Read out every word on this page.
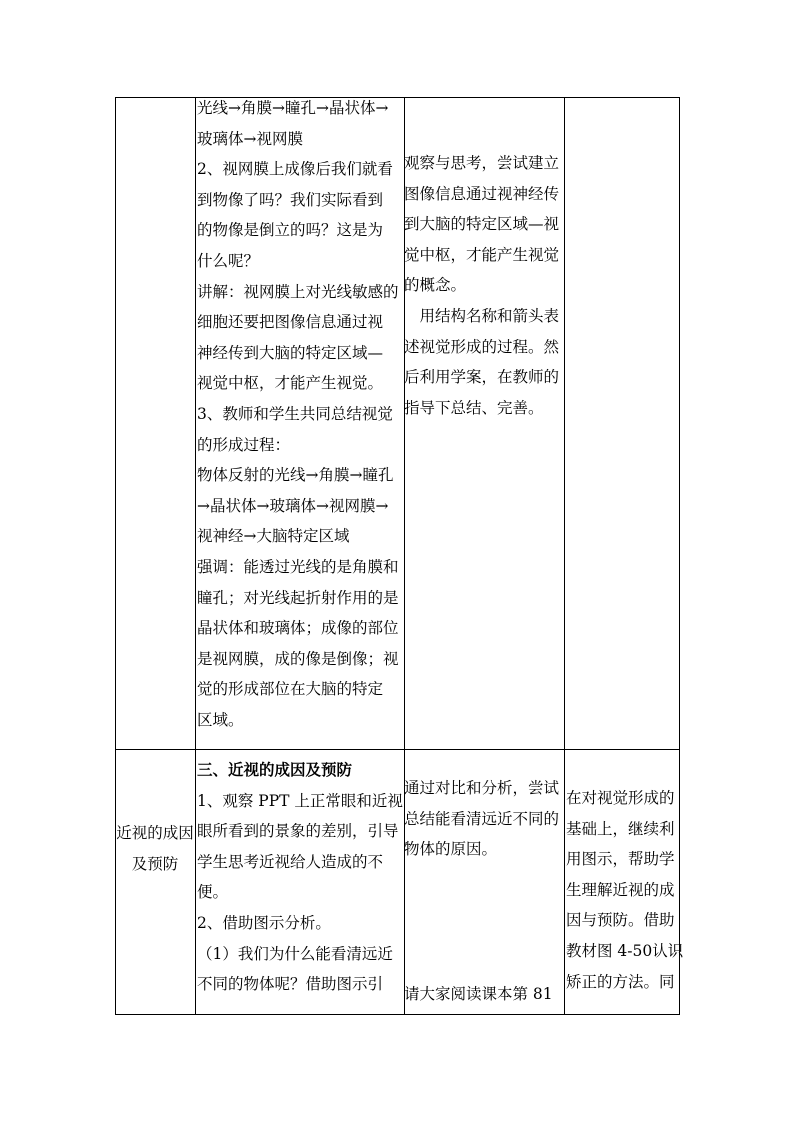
光线→角膜→瞳孔→晶状体→

玻璃体→视网膜

2、视网膜上成像后我们就看

到物像了吗？我们实际看到

的物像是倒立的吗？这是为

什么呢？

讲解：视网膜上对光线敏感的

细胞还要把图像信息通过视

神经传到大脑的特定区域—

视觉中枢，才能产生视觉。

3、教师和学生共同总结视觉

的形成过程：

物体反射的光线→角膜→瞳孔

→晶状体→玻璃体→视网膜→

视神经→大脑特定区域

强调：能透过光线的是角膜和

瞳孔；对光线起折射作用的是

晶状体和玻璃体；成像的部位

是视网膜，成的像是倒像；视

觉的形成部位在大脑的特定

区域。

观察与思考，尝试建立

图像信息通过视神经传

到大脑的特定区域—视

觉中枢，才能产生视觉

的概念。

　用结构名称和箭头表

述视觉形成的过程。然

后利用学案，在教师的

指导下总结、完善。

近视的成因

及预防

三、近视的成因及预防

1、观察 PPT 上正常眼和近视

眼所看到的景象的差别，引导

学生思考近视给人造成的不

便。

2、借助图示分析。

（1）我们为什么能看清远近

不同的物体呢？借助图示引

通过对比和分析，尝试

总结能看清远近不同的

物体的原因。

请大家阅读课本第 81

在对视觉形成的

基础上，继续利

用图示，帮助学

生理解近视的成

因与预防。借助

教材图 4-50认识

矫正的方法。同
